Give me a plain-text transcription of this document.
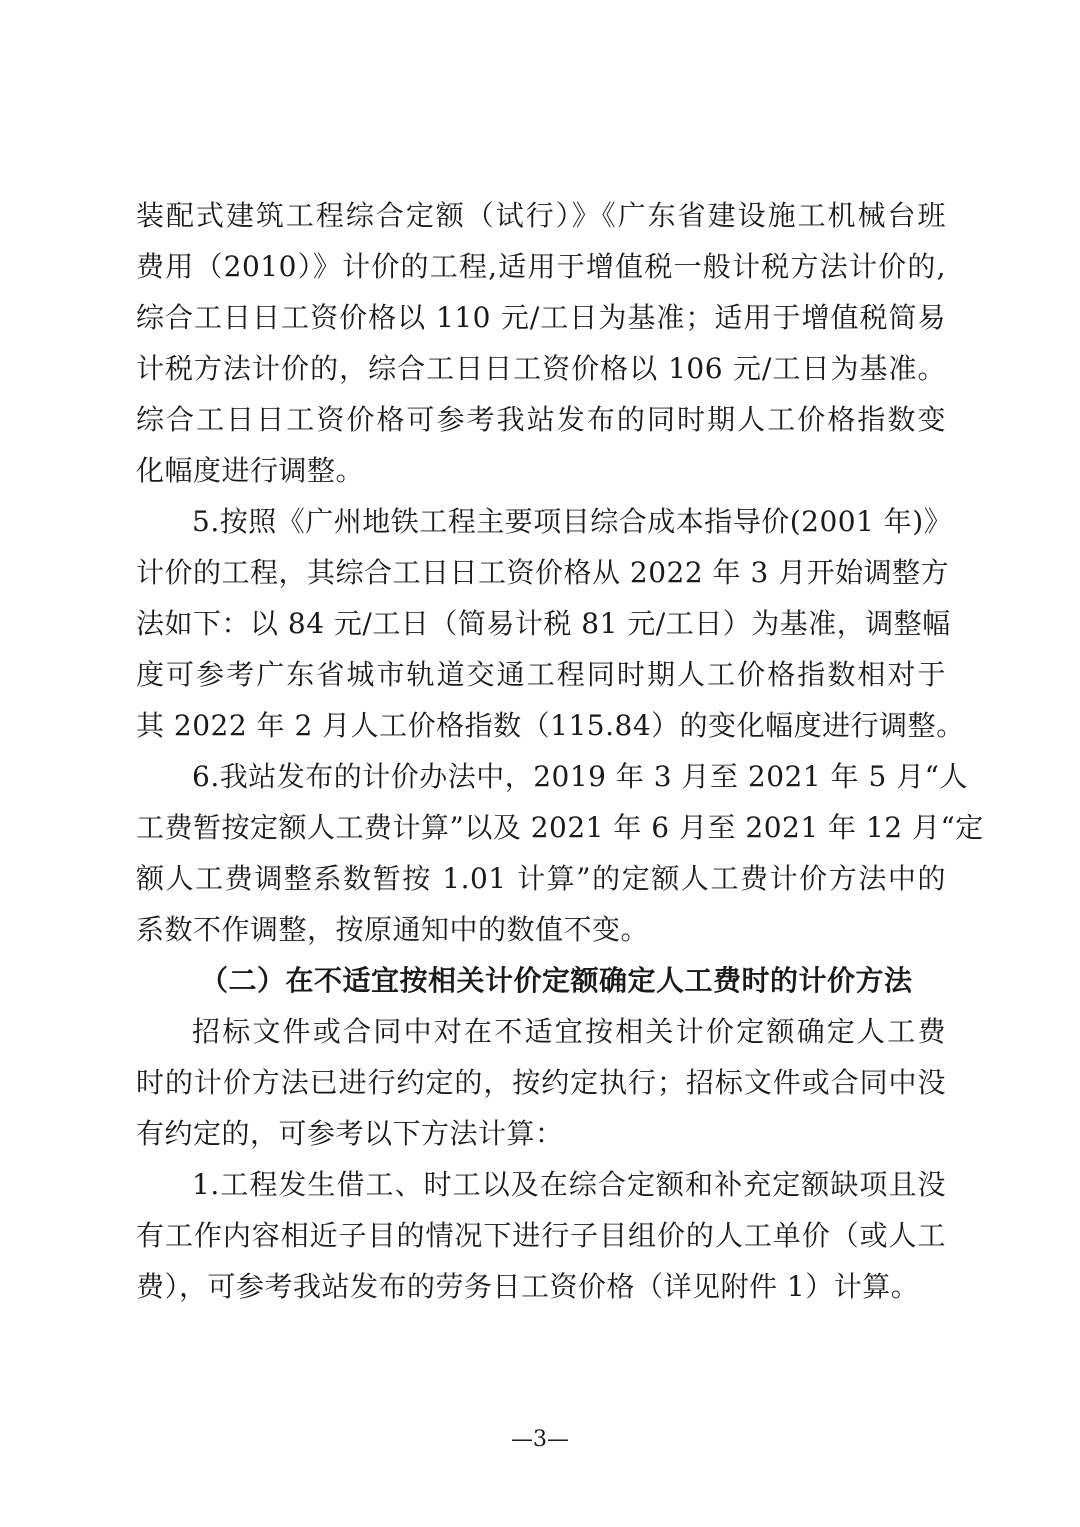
装配式建筑工程综合定额（试行）》《广东省建设施工机械台班
费用（2010）》计价的工程,适用于增值税一般计税方法计价的,
综合工日日工资价格以 110 元/工日为基准；适用于增值税简易
计税方法计价的，综合工日日工资价格以 106 元/工日为基准。
综合工日日工资价格可参考我站发布的同时期人工价格指数变
化幅度进行调整。
5.按照《广州地铁工程主要项目综合成本指导价(2001 年)》
计价的工程，其综合工日日工资价格从 2022 年 3 月开始调整方
法如下：以 84 元/工日（简易计税 81 元/工日）为基准，调整幅
度可参考广东省城市轨道交通工程同时期人工价格指数相对于
其 2022 年 2 月人工价格指数（115.84）的变化幅度进行调整。
6.我站发布的计价办法中，2019 年 3 月至 2021 年 5 月“人
工费暂按定额人工费计算”以及 2021 年 6 月至 2021 年 12 月“定
额人工费调整系数暂按 1.01 计算”的定额人工费计价方法中的
系数不作调整，按原通知中的数值不变。
（二）在不适宜按相关计价定额确定人工费时的计价方法
招标文件或合同中对在不适宜按相关计价定额确定人工费
时的计价方法已进行约定的，按约定执行；招标文件或合同中没
有约定的，可参考以下方法计算：
1.工程发生借工、时工以及在综合定额和补充定额缺项且没
有工作内容相近子目的情况下进行子目组价的人工单价（或人工
费），可参考我站发布的劳务日工资价格（详见附件 1）计算。
—3—
